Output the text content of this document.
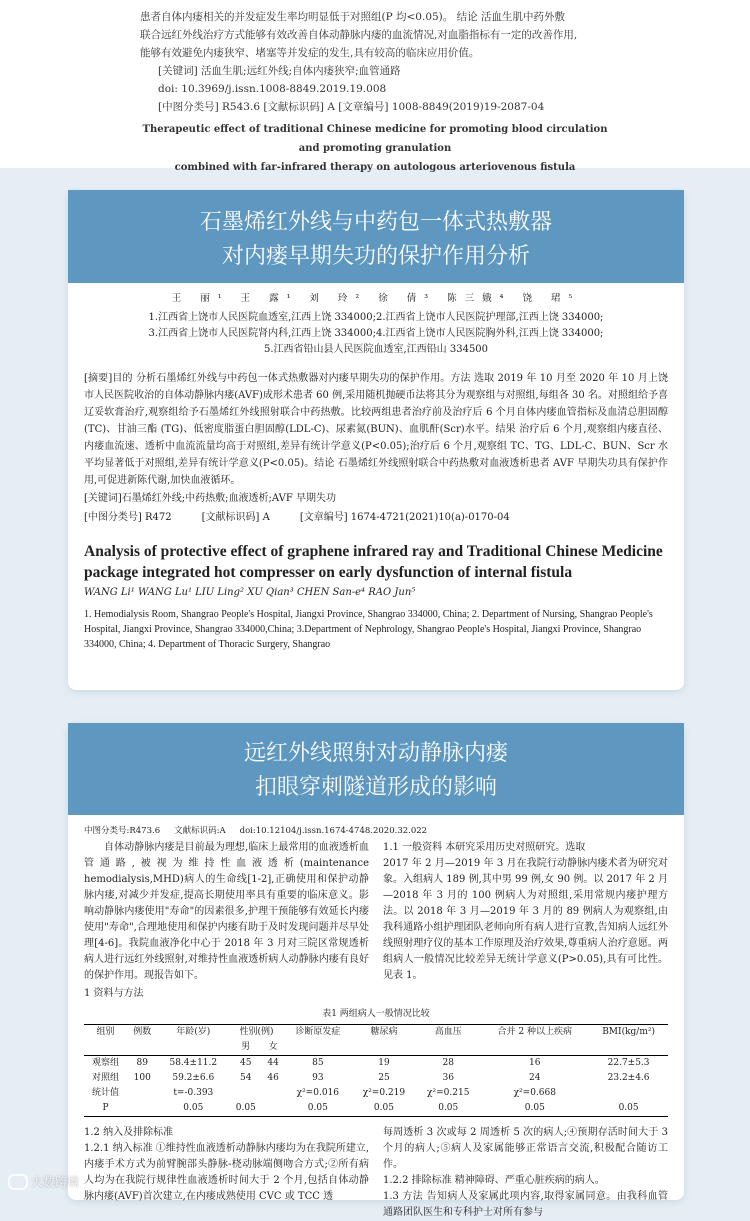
患者自体内瘘相关的并发症发生率均明显低于对照组(P 均<0.05)。 结论 活血生肌中药外敷
联合远红外线治疗方式能够有效改善自体动静脉内瘘的血流情况,对血脂指标有一定的改善作用,
能够有效避免内瘘狭窄、堵塞等并发症的发生,具有较高的临床应用价值。
[关键词] 活血生肌;远红外线;自体内瘘狭窄;血管通路
doi: 10.3969/j.issn.1008-8849.2019.19.008
[中图分类号] R543.6 [文献标识码] A [文章编号] 1008-8849(2019)19-2087-04
Therapeutic effect of traditional Chinese medicine for promoting blood circulation and promoting granulation
combined with far-infrared therapy on autologous arteriovenous fistula
石墨烯红外线与中药包一体式热敷器
对内瘘早期失功的保护作用分析
王 丽¹ 王 露¹ 刘 玲² 徐 倩³ 陈三娥⁴ 饶 珺⁵
1.江西省上饶市人民医院血透室,江西上饶 334000;2.江西省上饶市人民医院护理部,江西上饶 334000;
3.江西省上饶市人民医院肾内科,江西上饶 334000;4.江西省上饶市人民医院胸外科,江西上饶 334000;
5.江西省铅山县人民医院血透室,江西铅山 334500
[摘要]目的 分析石墨烯红外线与中药包一体式热敷器对内瘘早期失功的保护作用。方法 选取 2019 年 10 月至 2020 年 10 月上饶市人民医院收治的自体动静脉内瘘(AVF)成形术患者 60 例,采用随机抛硬币法将其分为观察组与对照组,每组各 30 名。对照组给予喜辽妥软膏治疗,观察组给予石墨烯红外线照射联合中药热敷。比较两组患者治疗前及治疗后 6 个月自体内瘘血管指标及血清总胆固醇 (TC)、甘油三酯 (TG)、低密度脂蛋白胆固醇(LDL-C)、尿素氮(BUN)、血肌酐(Scr)水平。结果 治疗后 6 个月,观察组内瘘直径、内瘘血流速、透析中血流流量均高于对照组,差异有统计学意义(P<0.05);治疗后 6 个月,观察组 TC、TG、LDL-C、BUN、Scr 水平均显著低于对照组,差异有统计学意义(P<0.05)。结论 石墨烯红外线照射联合中药热敷对血液透析患者 AVF 早期失功具有保护作用,可促进新陈代谢,加快血液循环。
[关键词]石墨烯红外线;中药热敷;血液透析;AVF 早期失功
[中图分类号] R472	[文献标识码] A	[文章编号] 1674-4721(2021)10(a)-0170-04
Analysis of protective effect of graphene infrared ray and Traditional Chinese Medicine package integrated hot compresser on early dysfunction of internal fistula
WANG Li¹ WANG Lu¹ LIU Ling² XU Qian³ CHEN San-e⁴ RAO Jun⁵
1. Hemodialysis Room, Shangrao People's Hospital, Jiangxi Province, Shangrao 334000, China; 2. Department of Nursing, Shangrao People's Hospital, Jiangxi Province, Shangrao 334000,China; 3.Department of Nephrology, Shangrao People's Hospital, Jiangxi Province, Shangrao 334000, China; 4. Department of Thoracic Surgery, Shangrao
远红外线照射对动静脉内瘘
扣眼穿刺隧道形成的影响
中图分类号:R473.6 文献标识码:A doi:10.12104/j.issn.1674-4748.2020.32.022
自体动静脉内瘘是目前最为理想,临床上最常用的血液透析血管通路,被视为维持性血液透析(maintenance hemodialysis,MHD)病人的生命线[1-2],正确使用和保护动静脉内瘘,对减少并发症,提高长期使用率具有重要的临床意义。影响动静脉内瘘使用"寿命"的因素很多,护理干预能够有效延长内瘘使用"寿命",合理地使用和保护内瘘有助于及时发现问题并尽早处理[4-6]。我院血液净化中心于 2018 年 3 月对三院区常规透析病人进行远红外线照射,对维持性血液透析病人动静脉内瘘有良好的保护作用。现报告如下。
1 资料与方法
1.1 一般资料 本研究采用历史对照研究。选取
2017 年 2 月—2019 年 3 月在我院行动静脉内瘘术者为研究对象。入组病人 189 例,其中男 99 例,女 90 例。以 2017 年 2 月—2018 年 3 月的 100 例病人为对照组,采用常规内瘘护理方法。以 2018 年 3 月—2019 年 3 月的 89 例病人为观察组,由我科通路小组护理团队老师向所有病人进行宣教,告知病人远红外线照射理疗仪的基本工作原理及治疗效果,尊重病人治疗意愿。两组病人一般情况比较差异无统计学意义(P>0.05),具有可比性。见表 1。
表1 两组病人一般情况比较
组别	例数	年龄(岁)	性别(例)		诊断原发症	糖尿病	高血压	合并 2 种以上疾病	BMI(kg/m²)
			男	女					
观察组	89	58.4±11.2	45	44	85	19	28	16	22.7±5.3
对照组	100	59.2±6.6	54	46	93	25	36	24	23.2±4.6
统计值		t=-0.393			χ²=0.016	χ²=0.219	χ²=0.215	χ²=0.668	
P		0.05	0.05		0.05	0.05	0.05	0.05	0.05
1.2 纳入及排除标准
1.2.1 纳入标准 ①维持性血液透析动静脉内瘘均为在我院所建立,内瘘手术方式为前臂腕部头静脉-桡动脉端侧吻合方式;②所有病人均为在我院行规律性血液透析时间大于 2 个月,包括自体动静脉内瘘(AVF)首次建立,在内瘘成熟使用 CVC 或 TCC 透
每周透析 3 次或每 2 周透析 5 次的病人;④预期存活时间大于 3 个月的病人;⑤病人及家属能够正常语言交流,积极配合随访工作。
1.2.2 排除标准 精神障碍、严重心脏疾病的病人。
1.3 方法 告知病人及家属此项内容,取得家属同意。由我科血管通路团队医生和专科护士对所有参与
大数跨境
